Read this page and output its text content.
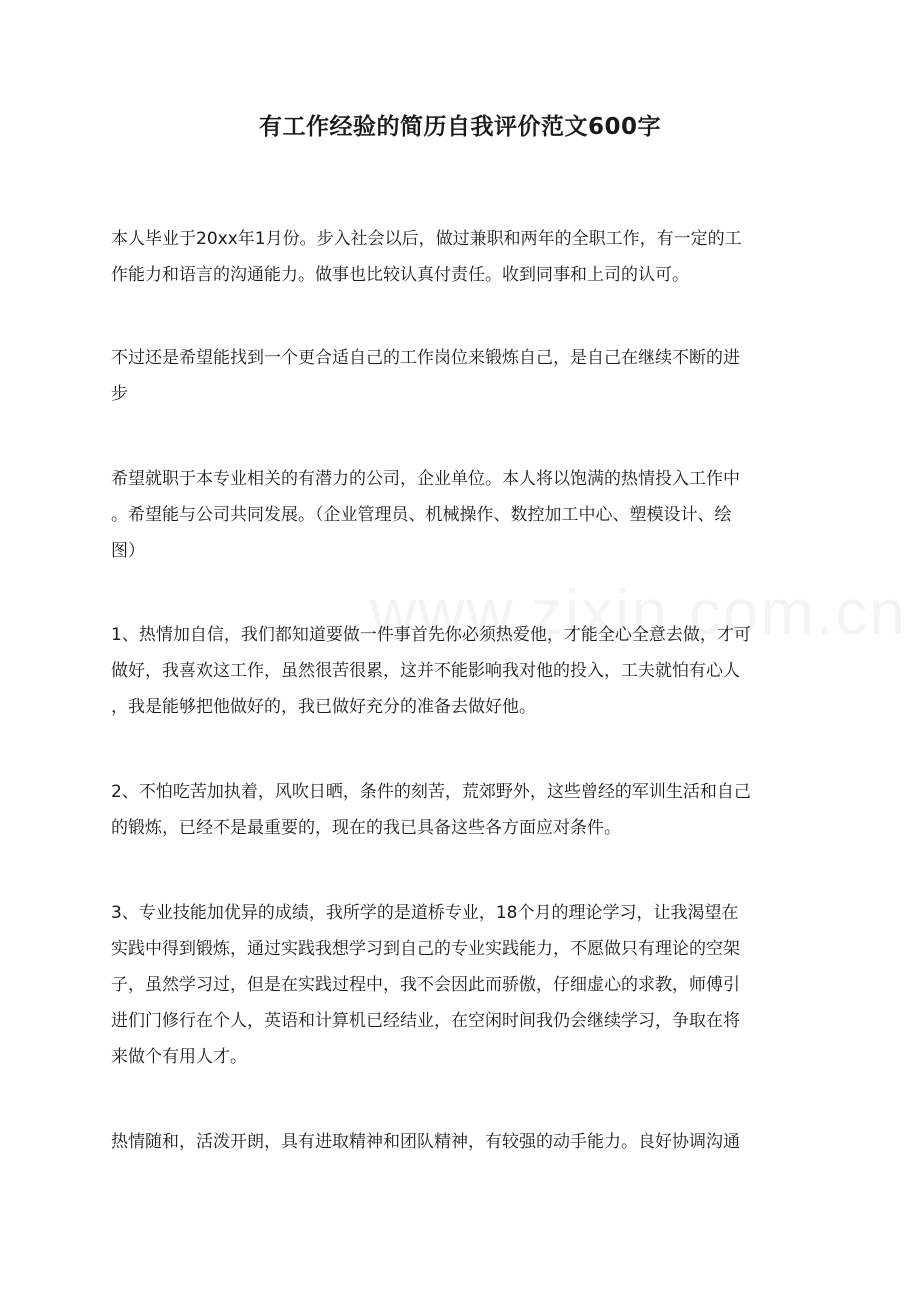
有工作经验的简历自我评价范文600字

本人毕业于20xx年1月份。步入社会以后，做过兼职和两年的全职工作，有一定的工
作能力和语言的沟通能力。做事也比较认真付责任。收到同事和上司的认可。

不过还是希望能找到一个更合适自己的工作岗位来锻炼自己，是自己在继续不断的进
步

希望就职于本专业相关的有潜力的公司，企业单位。本人将以饱满的热情投入工作中
。希望能与公司共同发展。（企业管理员、机械操作、数控加工中心、塑模设计、绘
图）

1、热情加自信，我们都知道要做一件事首先你必须热爱他，才能全心全意去做，才可
做好，我喜欢这工作，虽然很苦很累，这并不能影响我对他的投入，工夫就怕有心人
，我是能够把他做好的，我已做好充分的准备去做好他。

2、不怕吃苦加执着，风吹日晒，条件的刻苦，荒郊野外，这些曾经的军训生活和自己
的锻炼，已经不是最重要的，现在的我已具备这些各方面应对条件。

3、专业技能加优异的成绩，我所学的是道桥专业，18个月的理论学习，让我渴望在
实践中得到锻炼，通过实践我想学习到自己的专业实践能力，不愿做只有理论的空架
子，虽然学习过，但是在实践过程中，我不会因此而骄傲，仔细虚心的求教，师傅引
进们门修行在个人，英语和计算机已经结业，在空闲时间我仍会继续学习，争取在将
来做个有用人才。

热情随和，活泼开朗，具有进取精神和团队精神，有较强的动手能力。良好协调沟通
